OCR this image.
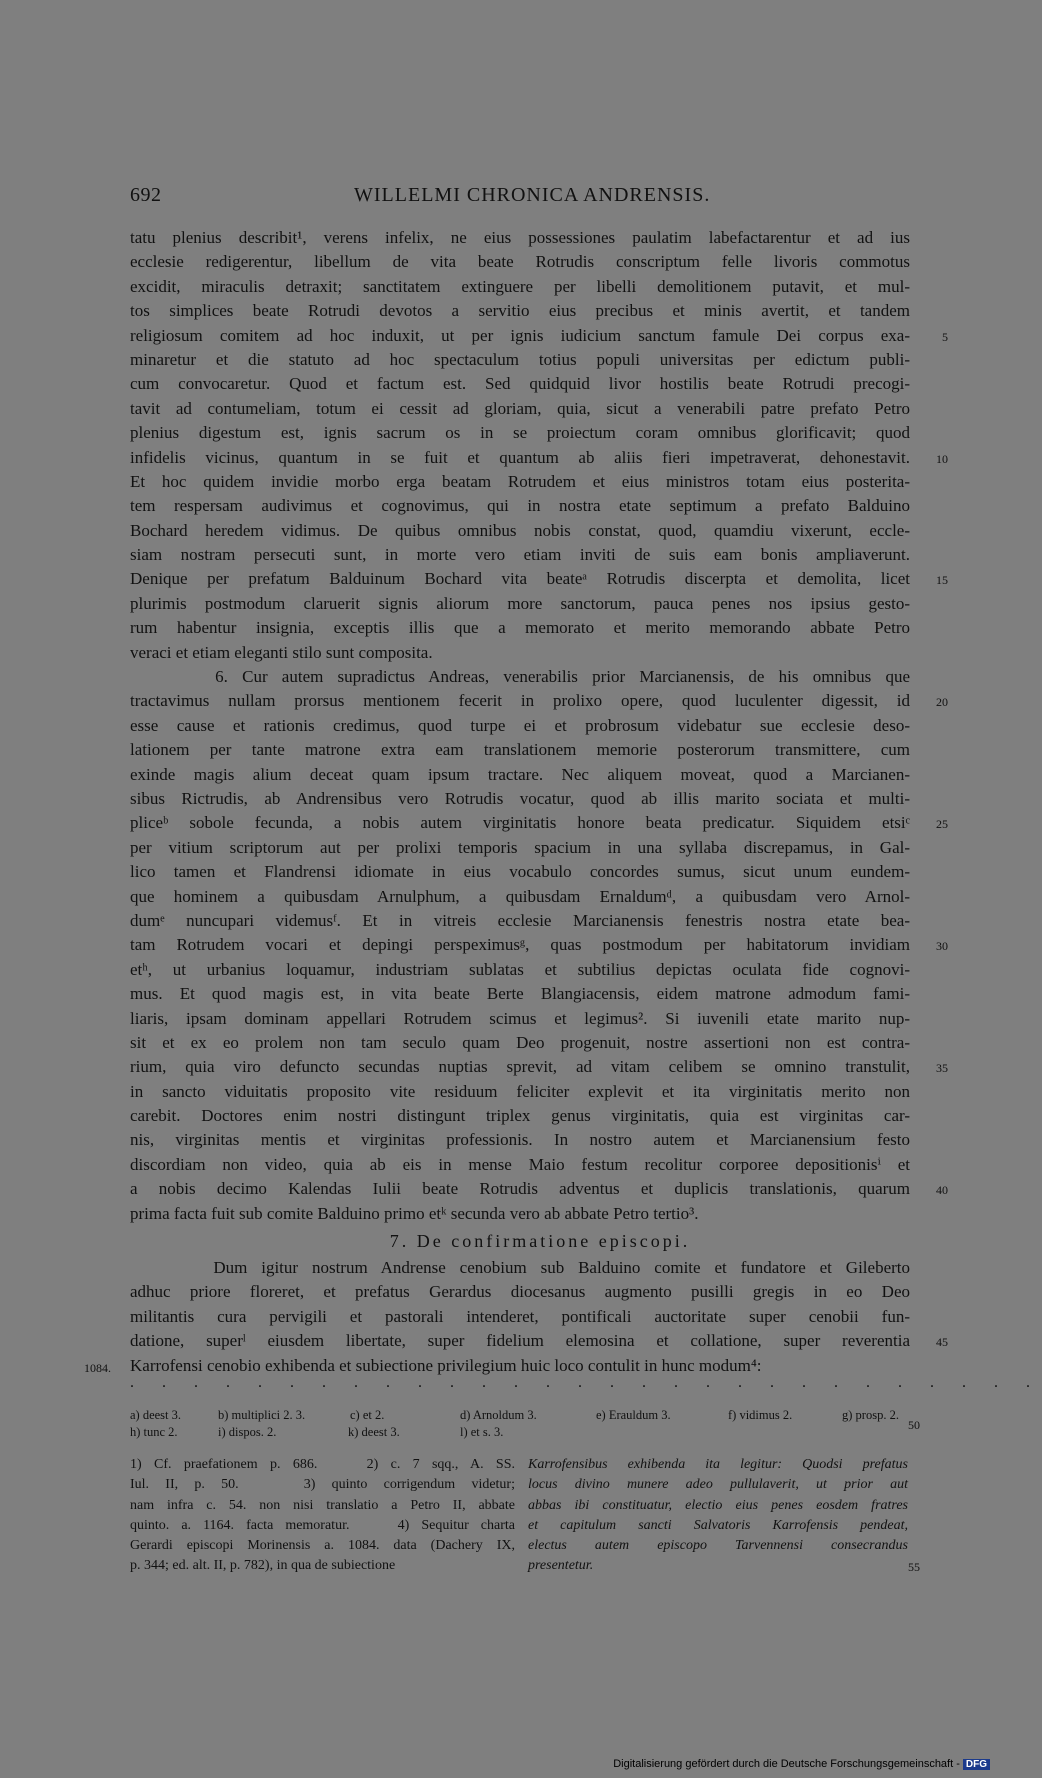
692	WILLELMI CHRONICA ANDRENSIS.
tatu plenius describit¹, verens infelix, ne eius possessiones paulatim labefactarentur et ad ius
ecclesie redigerentur, libellum de vita beate Rotrudis conscriptum felle livoris commotus
excidit, miraculis detraxit; sanctitatem extinguere per libelli demolitionem putavit, et mul-
tos simplices beate Rotrudi devotos a servitio eius precibus et minis avertit, et tandem
religiosum comitem ad hoc induxit, ut per ignis iudicium sanctum famule Dei corpus exa-	5
minaretur et die statuto ad hoc spectaculum totius populi universitas per edictum publi-
cum convocaretur. Quod et factum est. Sed quidquid livor hostilis beate Rotrudi precogi-
tavit ad contumeliam, totum ei cessit ad gloriam, quia, sicut a venerabili patre prefato Petro
plenius digestum est, ignis sacrum os in se proiectum coram omnibus glorificavit; quod
infidelis vicinus, quantum in se fuit et quantum ab aliis fieri impetraverat, dehonestavit. 10
Et hoc quidem invidie morbo erga beatam Rotrudem et eius ministros totam eius posterita-
tem respersam audivimus et cognovimus, qui in nostra etate septimum a prefato Balduino
Bochard heredem vidimus. De quibus omnibus nobis constat, quod, quamdiu vixerunt, eccle-
siam nostram persecuti sunt, in morte vero etiam inviti de suis eam bonis ampliaverunt.
Denique per prefatum Balduinum Bochard vita beateᵃ Rotrudis discerpta et demolita, licet 15
plurimis postmodum claruerit signis aliorum more sanctorum, pauca penes nos ipsius gesto-
rum habentur insignia, exceptis illis que a memorato et merito memorando abbate Petro
veraci et etiam eleganti stilo sunt composita.
6. Cur autem supradictus Andreas, venerabilis prior Marcianensis, de his omnibus que
tractavimus nullam prorsus mentionem fecerit in prolixo opere, quod luculenter digessit, id 20
esse cause et rationis credimus, quod turpe ei et probrosum videbatur sue ecclesie deso-
lationem per tante matrone extra eam translationem memorie posterorum transmittere, cum
exinde magis alium deceat quam ipsum tractare. Nec aliquem moveat, quod a Marcianen-
sibus Rictrudis, ab Andrensibus vero Rotrudis vocatur, quod ab illis marito sociata et multi-
pliceᵇ sobole fecunda, a nobis autem virginitatis honore beata predicatur. Siquidem etsiᶜ 25
per vitium scriptorum aut per prolixi temporis spacium in una syllaba discrepamus, in Gal-
lico tamen et Flandrensi idiomate in eius vocabulo concordes sumus, sicut unum eundem-
que hominem a quibusdam Arnulphum, a quibusdam Ernaldumᵈ, a quibusdam vero Arnol-
dumᵉ nuncupari videmusᶠ. Et in vitreis ecclesie Marcianensis fenestris nostra etate bea-
tam Rotrudem vocari et depingi perspeximusᵍ, quas postmodum per habitatorum invidiam 30
etʰ, ut urbanius loquamur, industriam sublatas et subtilius depictas oculata fide cognovi-
mus. Et quod magis est, in vita beate Berte Blangiacensis, eidem matrone admodum fami-
liaris, ipsam dominam appellari Rotrudem scimus et legimus². Si iuvenili etate marito nup-
sit et ex eo prolem non tam seculo quam Deo progenuit, nostre assertioni non est contra-
rium, quia viro defuncto secundas nuptias sprevit, ad vitam celibem se omnino transtulit, 35
in sancto viduitatis proposito vite residuum feliciter explevit et ita virginitatis merito non
carebit. Doctores enim nostri distingunt triplex genus virginitatis, quia est virginitas car-
nis, virginitas mentis et virginitas professionis. In nostro autem et Marcianensium festo
discordiam non video, quia ab eis in mense Maio festum recolitur corporee depositionisⁱ et
a nobis decimo Kalendas Iulii beate Rotrudis adventus et duplicis translationis, quarum 40
prima facta fuit sub comite Balduino primo etᵏ secunda vero ab abbate Petro tertio³.
7. De confirmatione episcopi.
Dum igitur nostrum Andrense cenobium sub Balduino comite et fundatore et Gileberto
adhuc priore floreret, et prefatus Gerardus diocesanus augmento pusilli gregis in eo Deo
militantis cura pervigili et pastorali intenderet, pontificali auctoritate super cenobii fun-
datione, superˡ eiusdem libertate, super fidelium elemosina et collatione, super reverentia 45
Karrofensi cenobio exhibenda et subiectione privilegium huic loco contulit in hunc modum⁴:
1084.
. . . . . . . . . . . . . . . . . . . . . . . . . . . . .
a) deest 3.	b) multiplici 2. 3.	c) et 2.	d) Arnoldum 3.	e) Erauldum 3.	f) vidimus 2.	g) prosp. 2.
h) tunc 2.	i) dispos. 2.	k) deest 3.	l) et s. 3.	50
1) Cf. praefationem p. 686.    2) c. 7 sqq., A. SS.
Iul. II, p. 50.    3) quinto corrigendum videtur;
nam infra c. 54. non nisi translatio a Petro II, abbate
quinto. a. 1164. facta memoratur.    4) Sequitur charta
Gerardi episcopi Morinensis a. 1084. data (Dachery IX,
p. 344; ed. alt. II, p. 782), in qua de subiectione
Karrofensibus exhibenda ita legitur: Quodsi prefatus
locus divino munere adeo pullulaverit, ut prior aut
abbas ibi constituatur, electio eius penes eosdem fratres
et capitulum sancti Salvatoris Karrofensis pendeat,
electus autem episcopo Tarvennensi consecrandus
presentetur.	55
Digitalisierung gefördert durch die Deutsche Forschungsgemeinschaft - DFG
